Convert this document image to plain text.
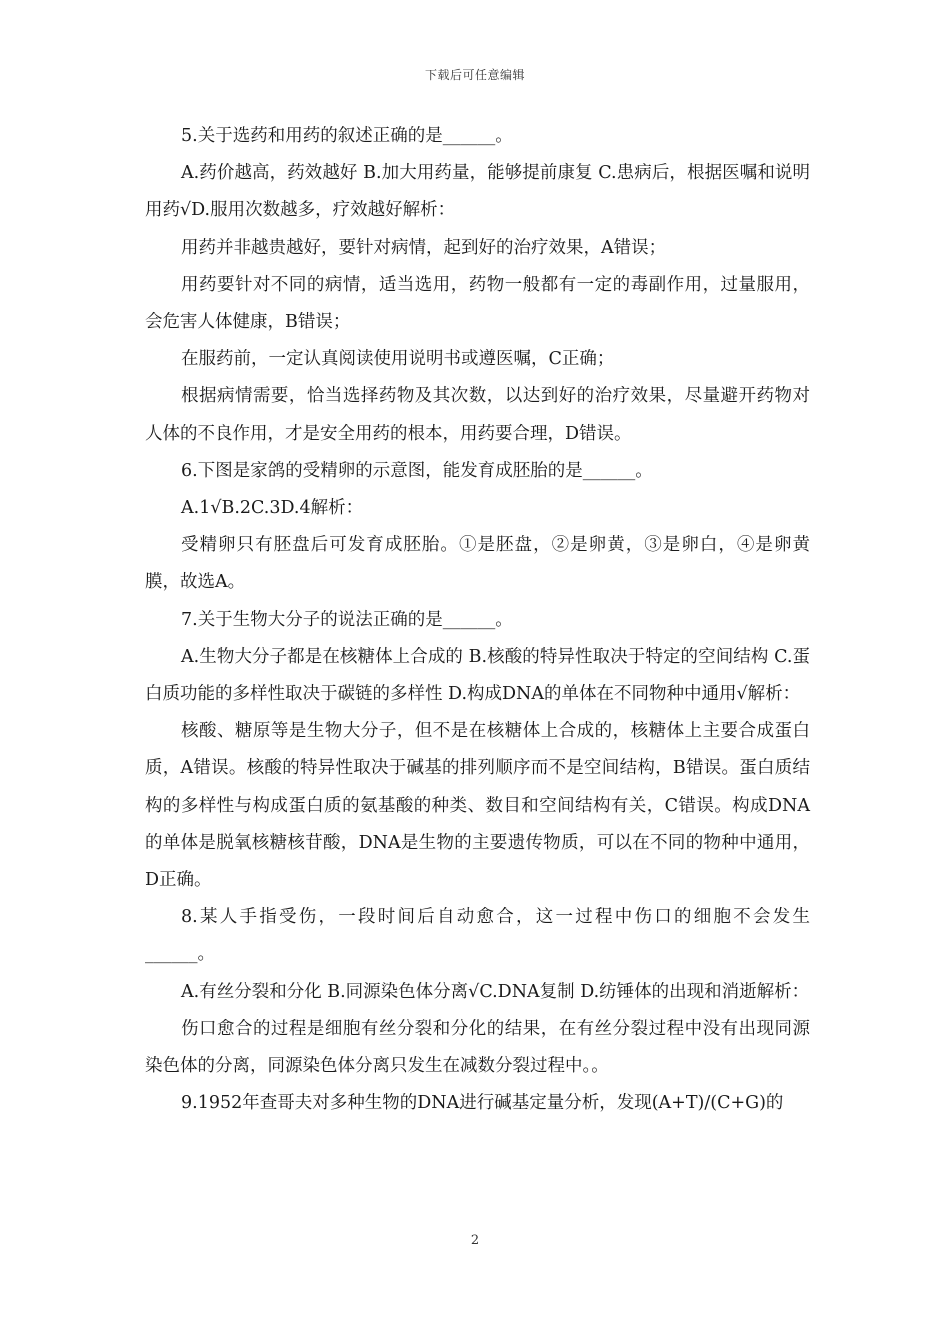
下载后可任意编辑

5.关于选药和用药的叙述正确的是______。

A.药价越高，药效越好 B.加大用药量，能够提前康复 C.患病后，根据医嘱和说明用药√D.服用次数越多，疗效越好解析：

用药并非越贵越好，要针对病情，起到好的治疗效果，A错误；

用药要针对不同的病情，适当选用，药物一般都有一定的毒副作用，过量服用，会危害人体健康，B错误；

在服药前，一定认真阅读使用说明书或遵医嘱，C正确；

根据病情需要，恰当选择药物及其次数，以达到好的治疗效果，尽量避开药物对人体的不良作用，才是安全用药的根本，用药要合理，D错误。

6.下图是家鸽的受精卵的示意图，能发育成胚胎的是______。

A.1√B.2C.3D.4解析：

受精卵只有胚盘后可发育成胚胎。①是胚盘，②是卵黄，③是卵白，④是卵黄膜，故选A。

7.关于生物大分子的说法正确的是______。

A.生物大分子都是在核糖体上合成的 B.核酸的特异性取决于特定的空间结构 C.蛋白质功能的多样性取决于碳链的多样性 D.构成DNA的单体在不同物种中通用√解析：

核酸、糖原等是生物大分子，但不是在核糖体上合成的，核糖体上主要合成蛋白质，A错误。核酸的特异性取决于碱基的排列顺序而不是空间结构，B错误。蛋白质结构的多样性与构成蛋白质的氨基酸的种类、数目和空间结构有关，C错误。构成DNA的单体是脱氧核糖核苷酸，DNA是生物的主要遗传物质，可以在不同的物种中通用，D正确。

8.某人手指受伤，一段时间后自动愈合，这一过程中伤口的细胞不会发生______。

A.有丝分裂和分化 B.同源染色体分离√C.DNA复制 D.纺锤体的出现和消逝解析：

伤口愈合的过程是细胞有丝分裂和分化的结果，在有丝分裂过程中没有出现同源染色体的分离，同源染色体分离只发生在减数分裂过程中。。

9.1952年查哥夫对多种生物的DNA进行碱基定量分析，发现(A+T)/(C+G)的

2
